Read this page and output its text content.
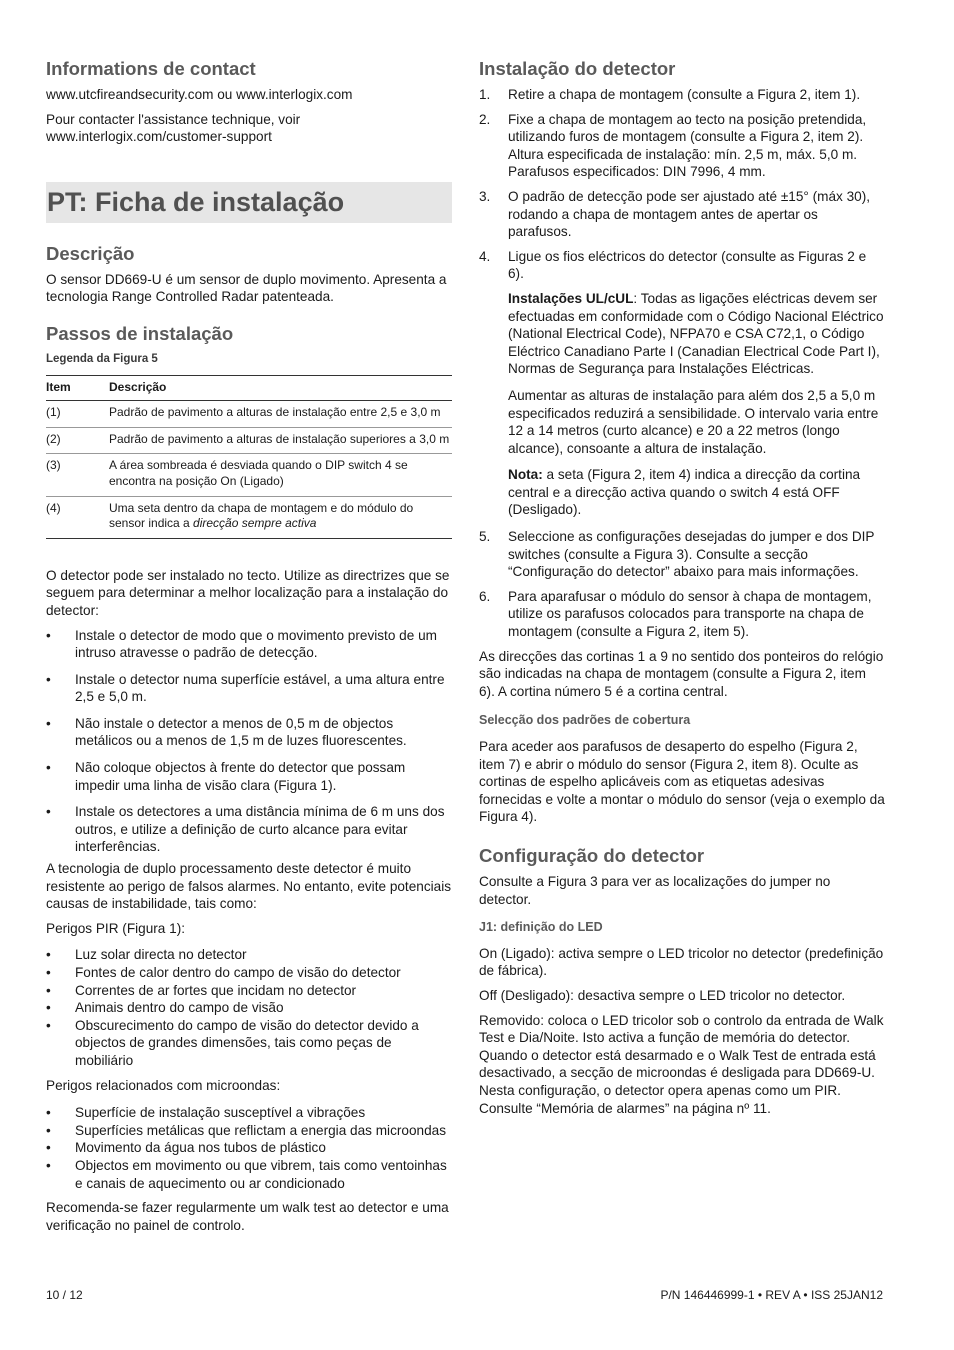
Informations de contact

www.utcfireandsecurity.com ou www.interlogix.com

Pour contacter l'assistance technique, voir www.interlogix.com/customer-support

PT: Ficha de instalação
Descrição

O sensor DD669-U é um sensor de duplo movimento. Apresenta a tecnologia Range Controlled Radar patenteada.

Passos de instalação
Legenda da Figura 5
Item	Descrição
(1)	Padrão de pavimento a alturas de instalação entre 2,5 e 3,0 m
(2)	Padrão de pavimento a alturas de instalação superiores a 3,0 m
(3)	A área sombreada é desviada quando o DIP switch 4 se encontra na posição On (Ligado)
(4)	Uma seta dentro da chapa de montagem e do módulo do sensor indica a direcção sempre activa

O detector pode ser instalado no tecto. Utilize as directrizes que se seguem para determinar a melhor localização para a instalação do detector:

• Instale o detector de modo que o movimento previsto de um intruso atravesse o padrão de detecção.
• Instale o detector numa superfície estável, a uma altura entre 2,5 e 5,0 m.
• Não instale o detector a menos de 0,5 m de objectos metálicos ou a menos de 1,5 m de luzes fluorescentes.
• Não coloque objectos à frente do detector que possam impedir uma linha de visão clara (Figura 1).
• Instale os detectores a uma distância mínima de 6 m uns dos outros, e utilize a definição de curto alcance para evitar interferências.

A tecnologia de duplo processamento deste detector é muito resistente ao perigo de falsos alarmes. No entanto, evite potenciais causas de instabilidade, tais como:

Perigos PIR (Figura 1):

• Luz solar directa no detector
• Fontes de calor dentro do campo de visão do detector
• Correntes de ar fortes que incidam no detector
• Animais dentro do campo de visão
• Obscurecimento do campo de visão do detector devido a objectos de grandes dimensões, tais como peças de mobiliário

Perigos relacionados com microondas:

• Superfície de instalação susceptível a vibrações
• Superfícies metálicas que reflictam a energia das microondas
• Movimento da água nos tubos de plástico
• Objectos em movimento ou que vibrem, tais como ventoinhas e canais de aquecimento ou ar condicionado

Recomenda-se fazer regularmente um walk test ao detector e uma verificação no painel de controlo.

Instalação do detector
1. Retire a chapa de montagem (consulte a Figura 2, item 1).
2. Fixe a chapa de montagem ao tecto na posição pretendida, utilizando furos de montagem (consulte a Figura 2, item 2). Altura especificada de instalação: mín. 2,5 m, máx. 5,0 m. Parafusos especificados: DIN 7996, 4 mm.
3. O padrão de detecção pode ser ajustado até ±15° (máx 30), rodando a chapa de montagem antes de apertar os parafusos.
4. Ligue os fios eléctricos do detector (consulte as Figuras 2 e 6).
Instalações UL/cUL: Todas as ligações eléctricas devem ser efectuadas em conformidade com o Código Nacional Eléctrico (National Electrical Code), NFPA70 e CSA C72,1, o Código Eléctrico Canadiano Parte I (Canadian Electrical Code Part I), Normas de Segurança para Instalações Eléctricas.
Aumentar as alturas de instalação para além dos 2,5 a 5,0 m especificados reduzirá a sensibilidade. O intervalo varia entre 12 a 14 metros (curto alcance) e 20 a 22 metros (longo alcance), consoante a altura de instalação.
Nota: a seta (Figura 2, item 4) indica a direcção da cortina central e a direcção activa quando o switch 4 está OFF (Desligado).
5. Seleccione as configurações desejadas do jumper e dos DIP switches (consulte a Figura 3). Consulte a secção “Configuração do detector” abaixo para mais informações.
6. Para aparafusar o módulo do sensor à chapa de montagem, utilize os parafusos colocados para transporte na chapa de montagem (consulte a Figura 2, item 5).

As direcções das cortinas 1 a 9 no sentido dos ponteiros do relógio são indicadas na chapa de montagem (consulte a Figura 2, item 6). A cortina número 5 é a cortina central.

Selecção dos padrões de cobertura

Para aceder aos parafusos de desaperto do espelho (Figura 2, item 7) e abrir o módulo do sensor (Figura 2, item 8). Oculte as cortinas de espelho aplicáveis com as etiquetas adesivas fornecidas e volte a montar o módulo do sensor (veja o exemplo da Figura 4).

Configuração do detector

Consulte a Figura 3 para ver as localizações do jumper no detector.

J1: definição do LED

On (Ligado): activa sempre o LED tricolor no detector (predefinição de fábrica).

Off (Desligado): desactiva sempre o LED tricolor no detector.

Removido: coloca o LED tricolor sob o controlo da entrada de Walk Test e Dia/Noite. Isto activa a função de memória do detector. Quando o detector está desarmado e o Walk Test de entrada está desactivado, a secção de microondas é desligada para DD669-U. Nesta configuração, o detector opera apenas como um PIR. Consulte “Memória de alarmes” na página nº 11.

10 / 12	P/N 146446999-1 • REV A • ISS 25JAN12
